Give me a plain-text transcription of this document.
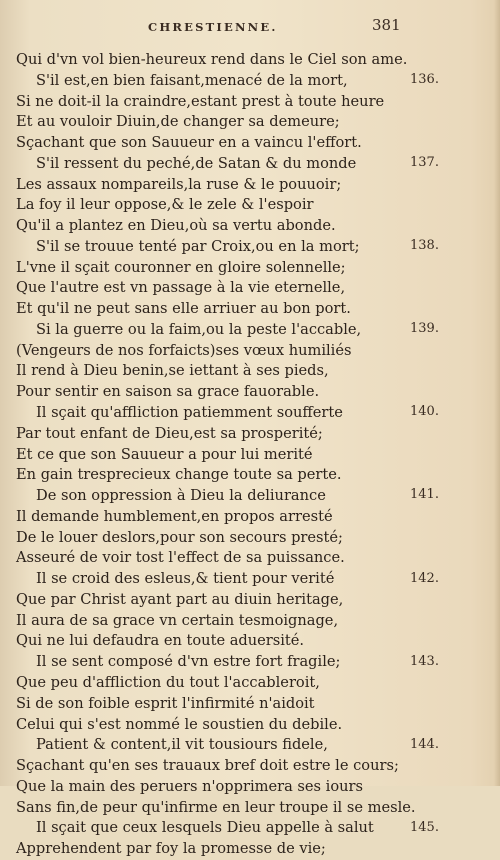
CHRESTIENNE.	381
Qui d'vn vol bien-heureux rend dans le Ciel son ame.
S'il est,en bien faisant,menacé de la mort,
Si ne doit-il la craindre,estant prest à toute heure
Et au vouloir Diuin,de changer sa demeure;
Sçachant que son Sauueur en a vaincu l'effort.
S'il ressent du peché,de Satan & du monde
Les assaux nompareils,la ruse & le pouuoir;
La foy il leur oppose,& le zele & l'espoir
Qu'il a plantez en Dieu,où sa vertu abonde.
S'il se trouue tenté par Croix,ou en la mort;
L'vne il sçait couronner en gloire solennelle;
Que l'autre est vn passage à la vie eternelle,
Et qu'il ne peut sans elle arriuer au bon port.
Si la guerre ou la faim,ou la peste l'accable,
(Vengeurs de nos forfaicts)ses vœux humiliés
Il rend à Dieu benin,se iettant à ses pieds,
Pour sentir en saison sa grace fauorable.
Il sçait qu'affliction patiemment soufferte
Par tout enfant de Dieu,est sa prosperité;
Et ce que son Sauueur a pour lui merité
En gain tresprecieux change toute sa perte.
De son oppression à Dieu la deliurance
Il demande humblement,en propos arresté
De le louer deslors,pour son secours presté;
Asseuré de voir tost l'effect de sa puissance.
Il se croid des esleus,& tient pour verité
Que par Christ ayant part au diuin heritage,
Il aura de sa grace vn certain tesmoignage,
Qui ne lui defaudra en toute aduersité.
Il se sent composé d'vn estre fort fragile;
Que peu d'affliction du tout l'accableroit,
Si de son foible esprit l'infirmité n'aidoit
Celui qui s'est nommé le soustien du debile.
Patient & content,il vit tousiours fidele,
Sçachant qu'en ses trauaux bref doit estre le cours;
Que la main des peruers n'opprimera ses iours
Sans fin,de peur qu'infirme en leur troupe il se mesle.
Il sçait que ceux lesquels Dieu appelle à salut
Apprehendent par foy la promesse de vie;
136.
137.
138.
139.
140.
141.
142.
143.
144.
145.
